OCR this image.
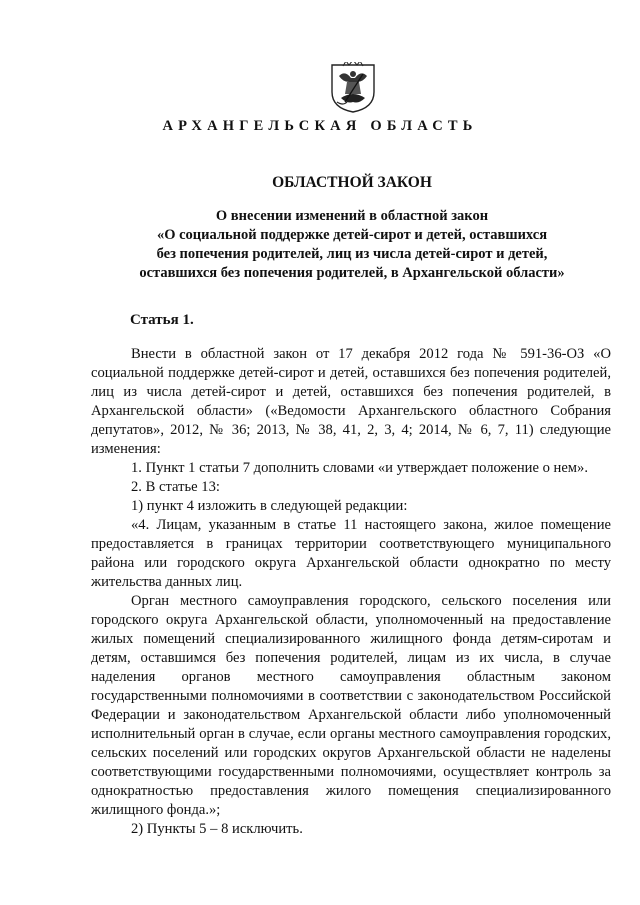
АРХАНГЕЛЬСКАЯ ОБЛАСТЬ
ОБЛАСТНОЙ ЗАКОН
О внесении изменений в областной закон
«О социальной поддержке детей-сирот и детей, оставшихся
без попечения родителей, лиц из числа детей-сирот и детей,
оставшихся без попечения родителей, в Архангельской области»
Статья 1.

Внести в областной закон от 17 декабря 2012 года № 591-36-ОЗ «О социальной поддержке детей-сирот и детей, оставшихся без попечения родителей, лиц из числа детей-сирот и детей, оставшихся без попечения родителей, в Архангельской области» («Ведомости Архангельского областного Собрания депутатов», 2012, № 36; 2013, № 38, 41, 2, 3, 4; 2014, № 6, 7, 11) следующие изменения:

1. Пункт 1 статьи 7 дополнить словами «и утверждает положение о нем».

2. В статье 13:

1) пункт 4 изложить в следующей редакции:

«4. Лицам, указанным в статье 11 настоящего закона, жилое помещение предоставляется в границах территории соответствующего муниципального района или городского округа Архангельской области однократно по месту жительства данных лиц.

Орган местного самоуправления городского, сельского поселения или городского округа Архангельской области, уполномоченный на предоставление жилых помещений специализированного жилищного фонда детям-сиротам и детям, оставшимся без попечения родителей, лицам из их числа, в случае наделения органов местного самоуправления областным законом государственными полномочиями в соответствии с законодательством Российской Федерации и законодательством Архангельской области либо уполномоченный исполнительный орган в случае, если органы местного самоуправления городских, сельских поселений или городских округов Архангельской области не наделены соответствующими государственными полномочиями, осуществляет контроль за однократностью предоставления жилого помещения специализированного жилищного фонда.»;

2) Пункты 5 – 8 исключить.
